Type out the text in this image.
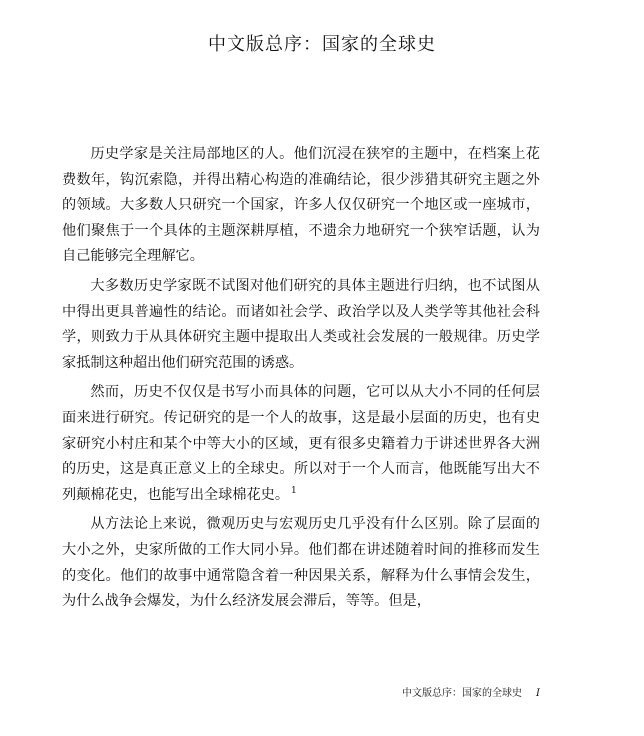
中文版总序：国家的全球史

历史学家是关注局部地区的人。他们沉浸在狭窄的主题中，在档案上花费数年，钩沉索隐，并得出精心构造的准确结论，很少涉猎其研究主题之外的领域。大多数人只研究一个国家，许多人仅仅研究一个地区或一座城市，他们聚焦于一个具体的主题深耕厚植，不遗余力地研究一个狭窄话题，认为自己能够完全理解它。

大多数历史学家既不试图对他们研究的具体主题进行归纳，也不试图从中得出更具普遍性的结论。而诸如社会学、政治学以及人类学等其他社会科学，则致力于从具体研究主题中提取出人类或社会发展的一般规律。历史学家抵制这种超出他们研究范围的诱惑。

然而，历史不仅仅是书写小而具体的问题，它可以从大小不同的任何层面来进行研究。传记研究的是一个人的故事，这是最小层面的历史，也有史家研究小村庄和某个中等大小的区域，更有很多史籍着力于讲述世界各大洲的历史，这是真正意义上的全球史。所以对于一个人而言，他既能写出大不列颠棉花史，也能写出全球棉花史。 $^1$

从方法论上来说，微观历史与宏观历史几乎没有什么区别。除了层面的大小之外，史家所做的工作大同小异。他们都在讲述随着时间的推移而发生的变化。他们的故事中通常隐含着一种因果关系，解释为什么事情会发生，为什么战争会爆发，为什么经济发展会滞后，等等。但是，

中文版总序：国家的全球史 I
